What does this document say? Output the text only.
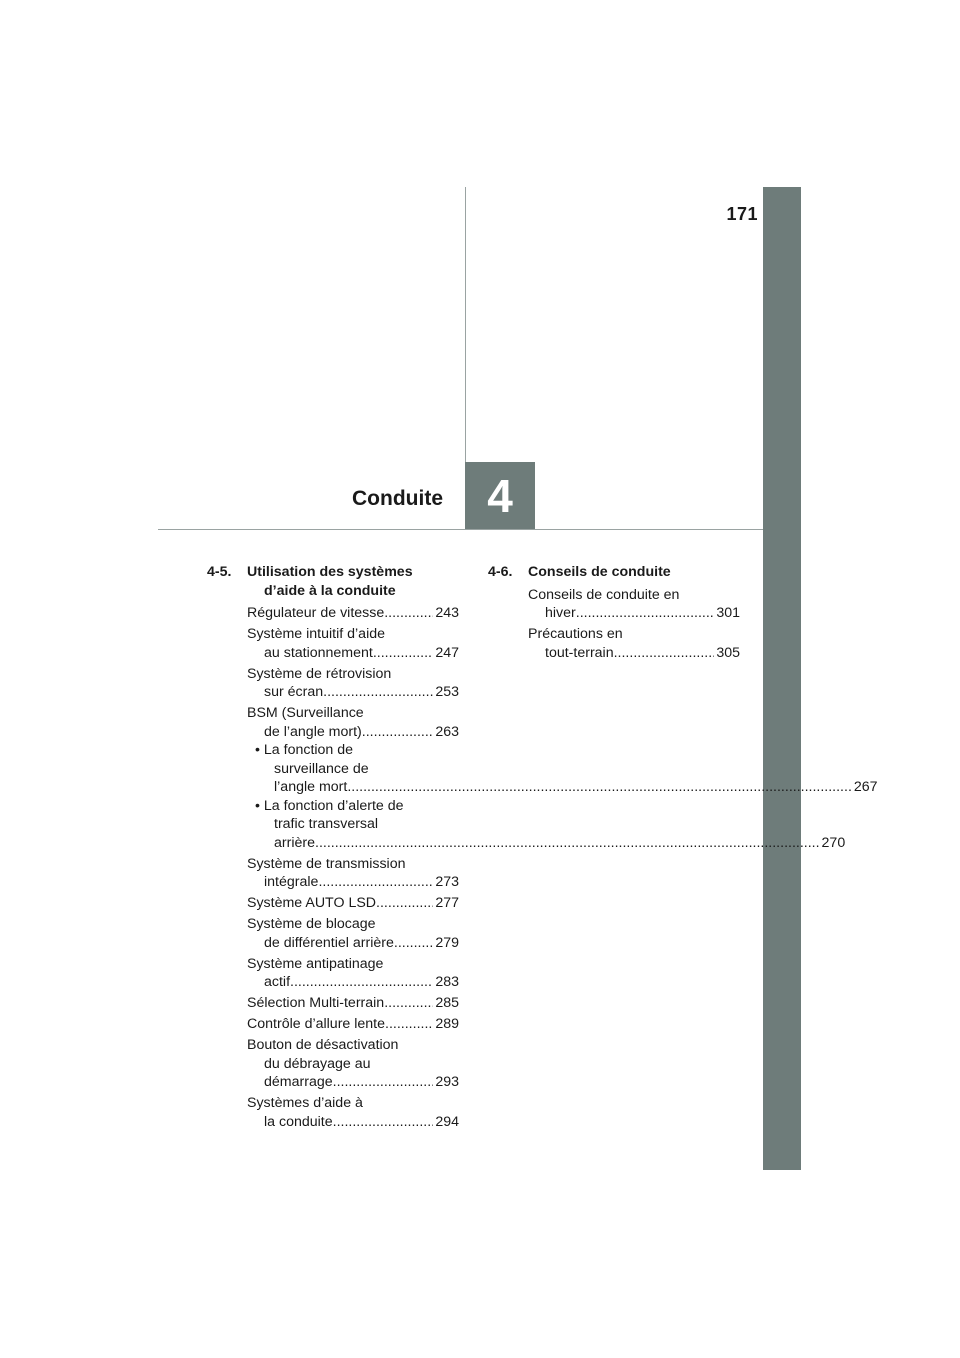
171
Conduite 4
4-5.	Utilisation des systèmes
d’aide à la conduite
Régulateur de vitesse .....	243
Système intuitif d’aide
au stationnement .....	247
Système de rétrovision
sur écran .....	253
BSM (Surveillance
de l’angle mort) .....	263
• La fonction de
surveillance de
l’angle mort .....	267
• La fonction d’alerte de
trafic transversal
arrière .....	270
Système de transmission
intégrale .....	273
Système AUTO LSD .....	277
Système de blocage
de différentiel arrière .....	279
Système antipatinage
actif .....	283
Sélection Multi-terrain .....	285
Contrôle d’allure lente .....	289
Bouton de désactivation
du débrayage au
démarrage .....	293
Systèmes d’aide à
la conduite .....	294
4-6.	Conseils de conduite
Conseils de conduite en
hiver .....	301
Précautions en
tout-terrain .....	305
